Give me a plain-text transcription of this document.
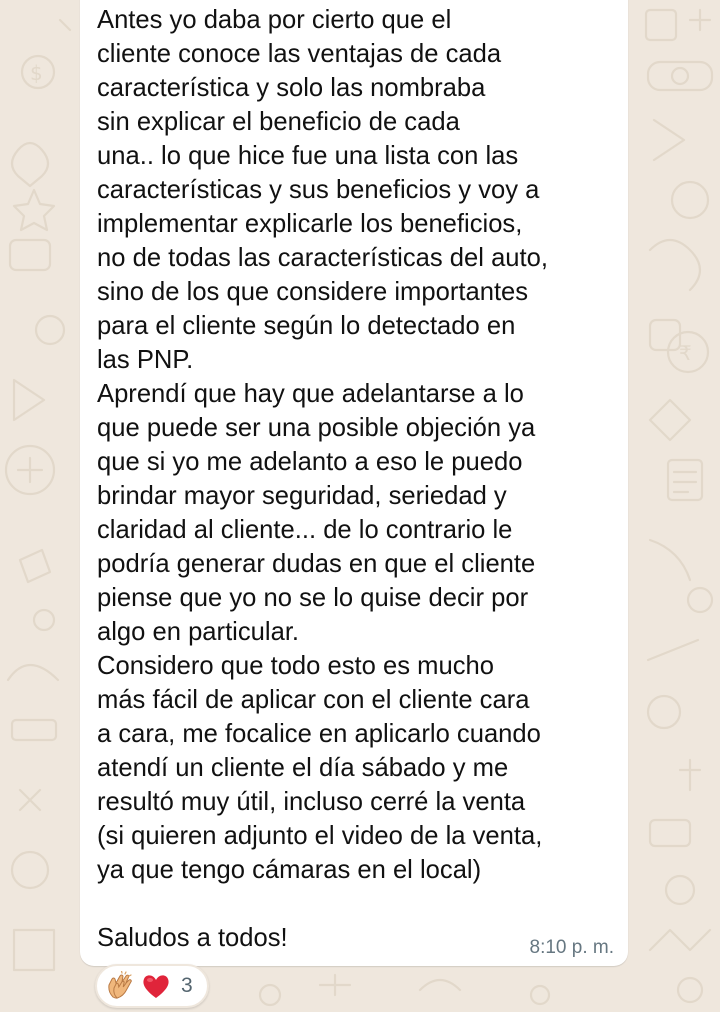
$
₹

Antes yo daba por cierto que el
cliente conoce las ventajas de cada
característica y solo las nombraba
sin explicar el beneficio de cada
una.. lo que hice fue una lista con las
características y sus beneficios y voy a
implementar explicarle los beneficios,
no de todas las características del auto,
sino de los que considere importantes
para el cliente según lo detectado en
las PNP.
Aprendí que hay que adelantarse a lo
que puede ser una posible objeción ya
que si yo me adelanto a eso le puedo
brindar mayor seguridad, seriedad y
claridad al cliente... de lo contrario le
podría generar dudas en que el cliente
piense que yo no se lo quise decir por
algo en particular.
Considero que todo esto es mucho
más fácil de aplicar con el cliente cara
a cara, me focalice en aplicarlo cuando
atendí un cliente el día sábado y me
resultó muy útil, incluso cerré la venta
(si quieren adjunto el video de la venta,
ya que tengo cámaras en el local)

Saludos a todos!	8:10 p. m.
3
